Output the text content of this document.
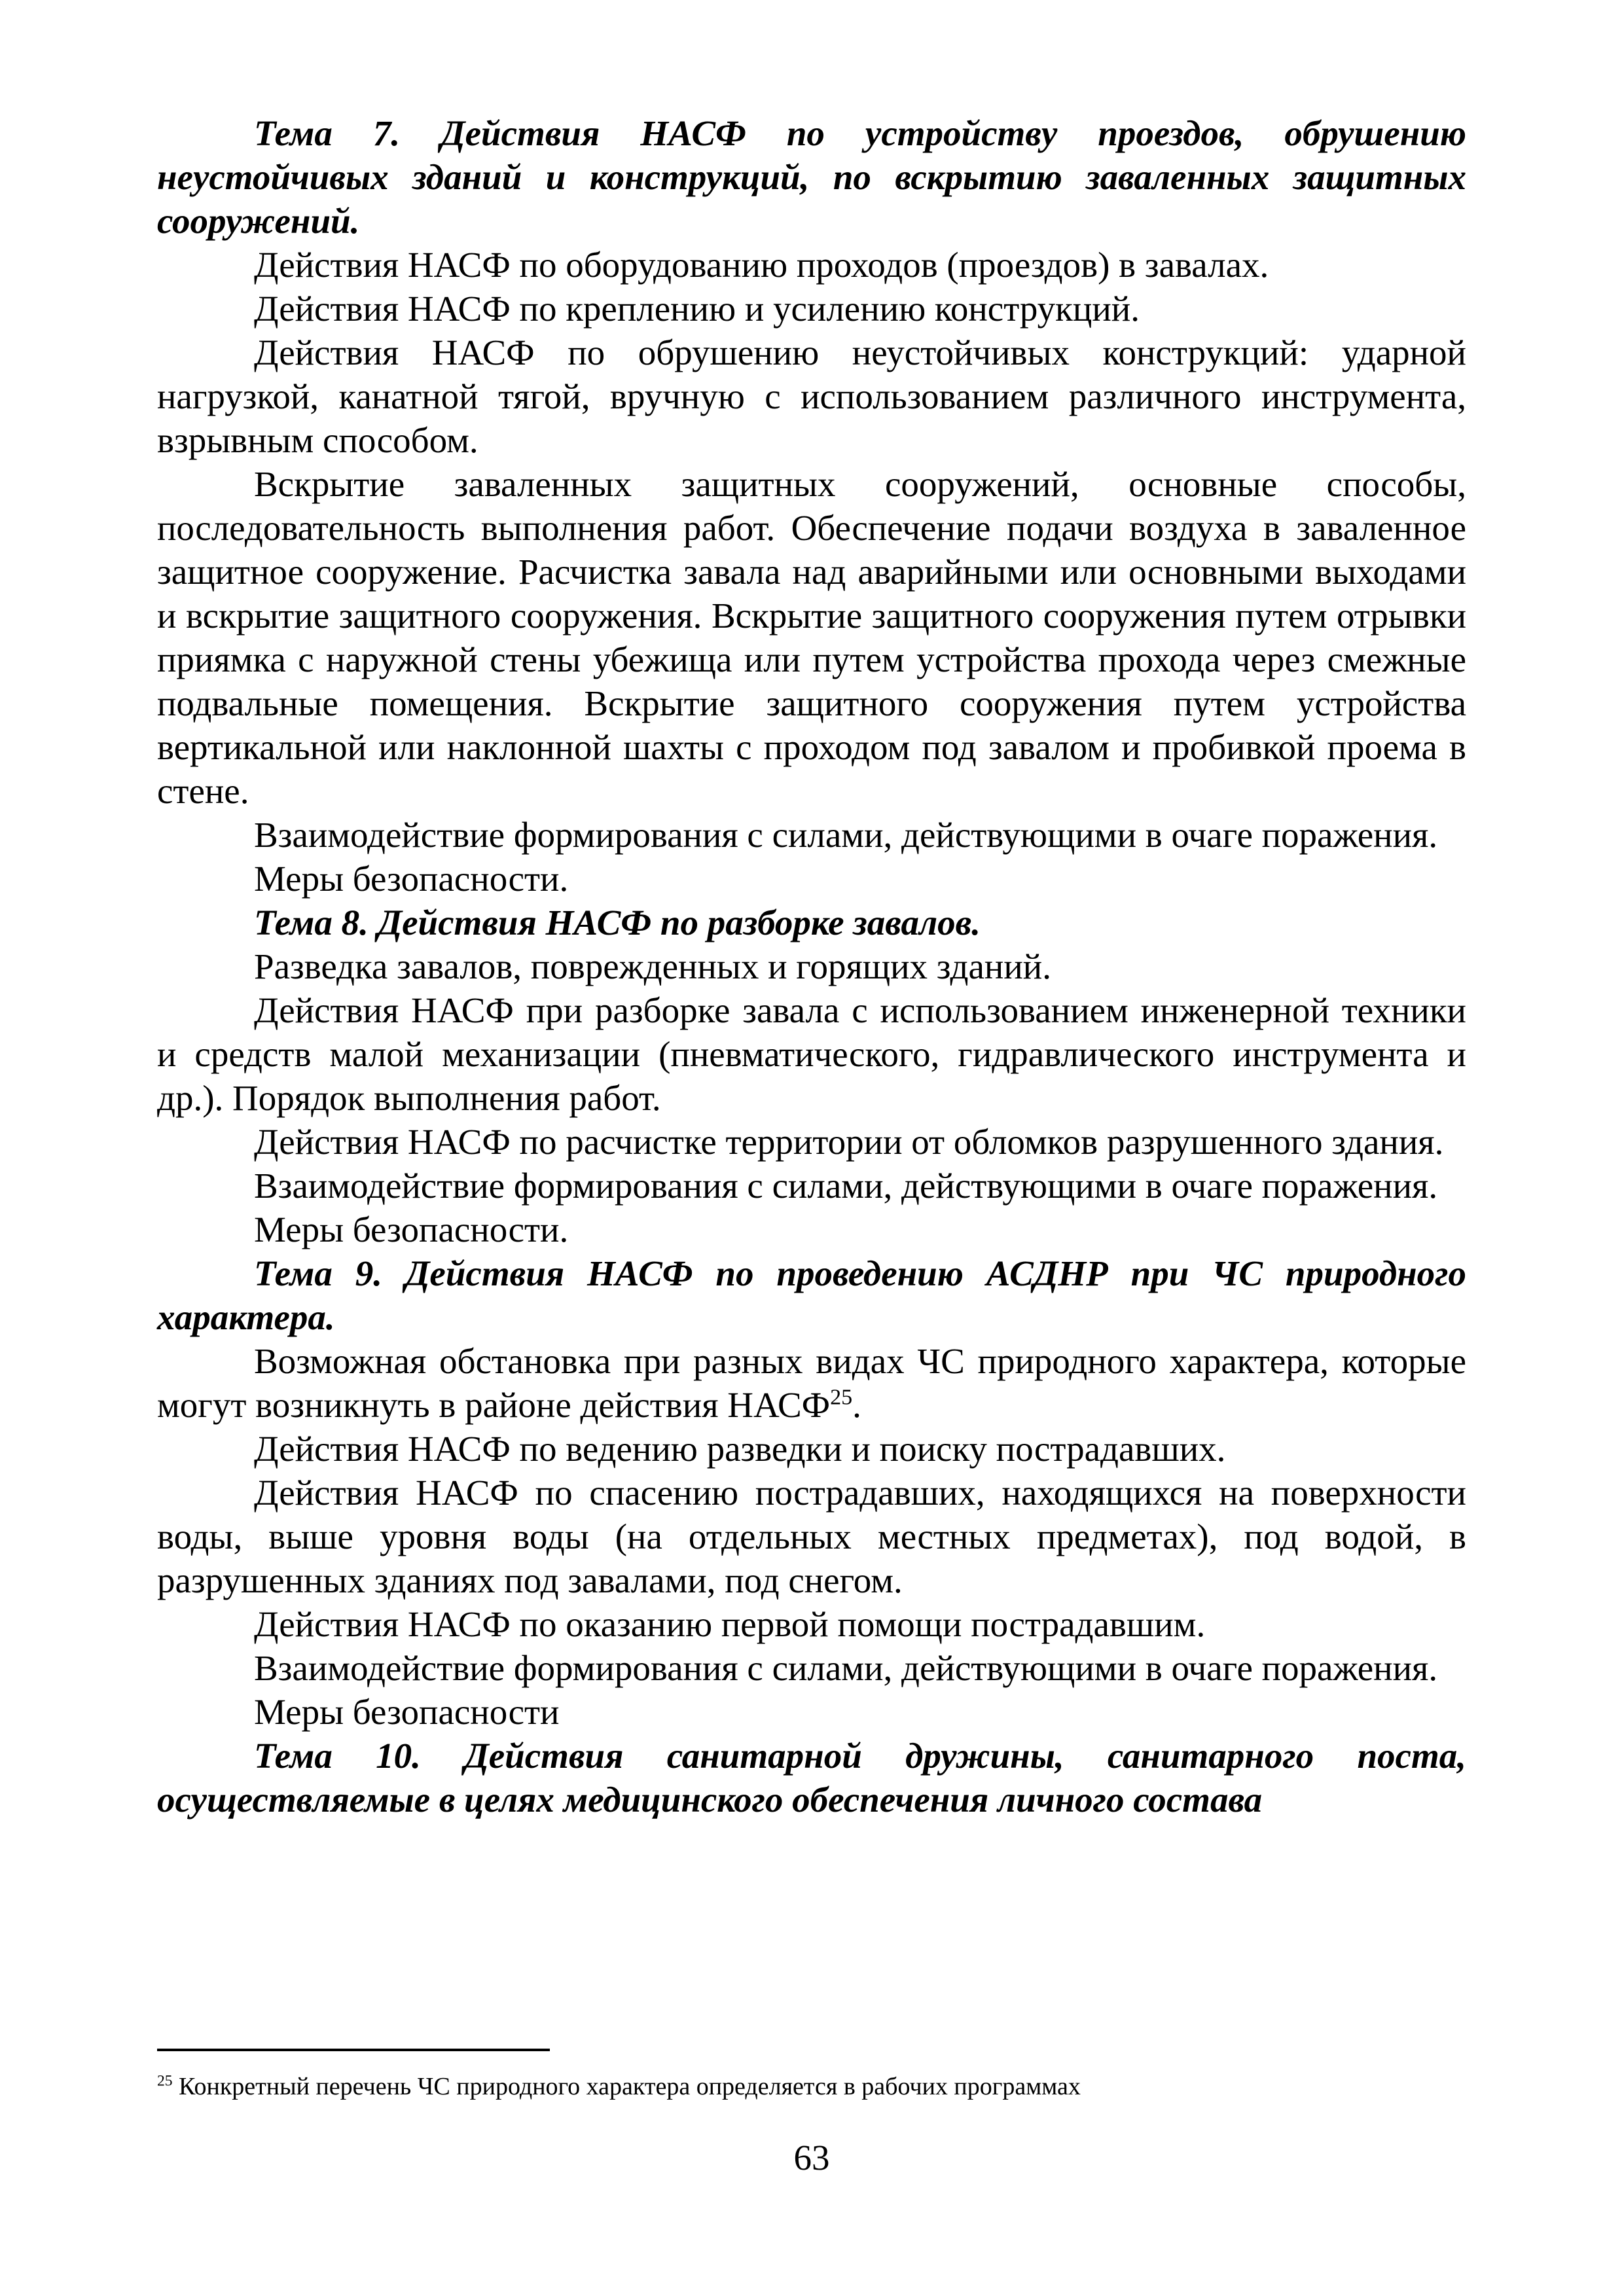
Тема 7. Действия НАСФ по устройству проездов, обрушению неустойчивых зданий и конструкций, по вскрытию заваленных защитных сооружений.

Действия НАСФ по оборудованию проходов (проездов) в завалах.

Действия НАСФ по креплению и усилению конструкций.

Действия НАСФ по обрушению неустойчивых конструкций: ударной нагрузкой, канатной тягой, вручную с использованием различного инструмента, взрывным способом.

Вскрытие заваленных защитных сооружений, основные способы, последовательность выполнения работ. Обеспечение подачи воздуха в заваленное защитное сооружение. Расчистка завала над аварийными или основными выходами и вскрытие защитного сооружения. Вскрытие защитного сооружения путем отрывки приямка с наружной стены убежища или путем устройства прохода через смежные подвальные помещения. Вскрытие защитного сооружения путем устройства вертикальной или наклонной шахты с проходом под завалом и пробивкой проема в стене.

Взаимодействие формирования с силами, действующими в очаге поражения.

Меры безопасности.

Тема 8. Действия НАСФ по разборке завалов.

Разведка завалов, поврежденных и горящих зданий.

Действия НАСФ при разборке завала с использованием инженерной техники и средств малой механизации (пневматического, гидравлического инструмента и др.). Порядок выполнения работ.

Действия НАСФ по расчистке территории от обломков разрушенного здания.

Взаимодействие формирования с силами, действующими в очаге поражения.

Меры безопасности.

Тема 9. Действия НАСФ по проведению АСДНР при ЧС природного характера.

Возможная обстановка при разных видах ЧС природного характера, которые могут возникнуть в районе действия НАСФ$^{25}$.

Действия НАСФ по ведению разведки и поиску пострадавших.

Действия НАСФ по спасению пострадавших, находящихся на поверхности воды, выше уровня воды (на отдельных местных предметах), под водой, в разрушенных зданиях под завалами, под снегом.

Действия НАСФ по оказанию первой помощи пострадавшим.

Взаимодействие формирования с силами, действующими в очаге поражения.

Меры безопасности

Тема 10. Действия санитарной дружины, санитарного поста, осуществляемые в целях медицинского обеспечения личного состава

$^{25}$ Конкретный перечень ЧС природного характера определяется в рабочих программах
63
